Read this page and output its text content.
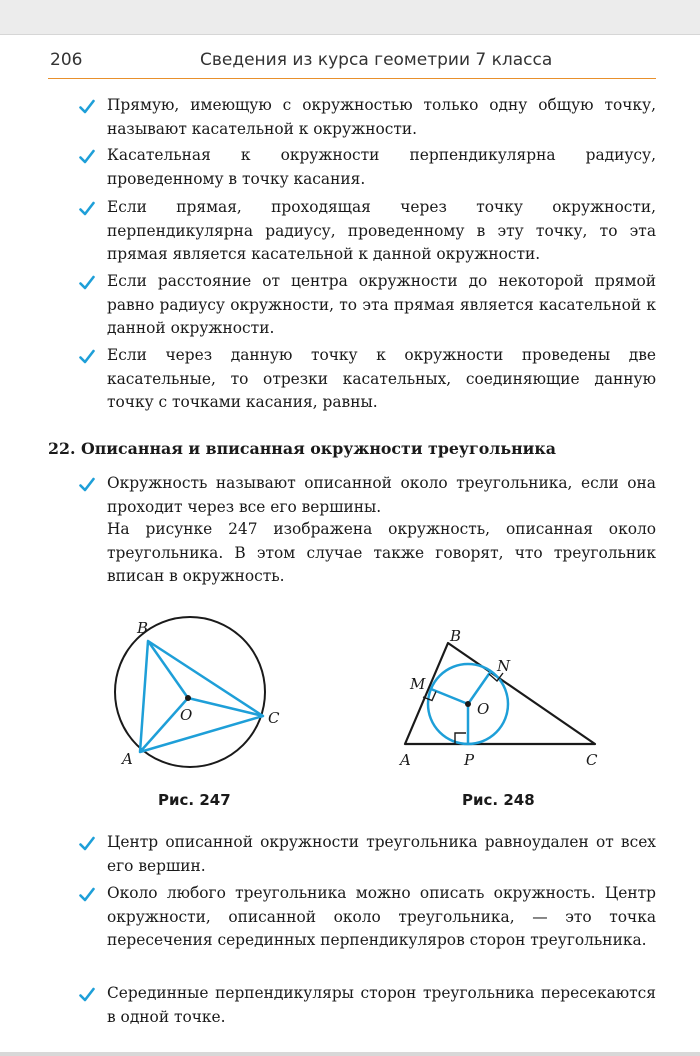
206	Сведения из курса геометрии 7 класса

Прямую, имеющую с окружностью только одну общую точку, называют касательной к окружности.

Касательная к окружности перпендикулярна радиусу, проведенному в точку касания.

Если прямая, проходящая через точку окружности, перпендикулярна радиусу, проведенному в эту точку, то эта прямая является касательной к данной окружности.

Если расстояние от центра окружности до некоторой прямой равно радиусу окружности, то эта прямая является касательной к данной окружности.

Если через данную точку к окружности проведены две касательные, то отрезки касательных, соединяющие данную точку с точками касания, равны.

22. Описанная и вписанная окружности треугольника

Окружность называют описанной около треугольника, если она проходит через все его вершины.

На рисунке 247 изображена окружность, описанная около треугольника. В этом случае также говорят, что треугольник вписан в окружность.

B
A
C
O
Рис. 247
B
A	C
O
M
N
P
Рис. 248

Центр описанной окружности треугольника равноудален от всех его вершин.

Около любого треугольника можно описать окружность. Центр окружности, описанной около треугольника, — это точка пересечения серединных перпендикуляров сторон треугольника.

Серединные перпендикуляры сторон треугольника пересекаются в одной точке.
